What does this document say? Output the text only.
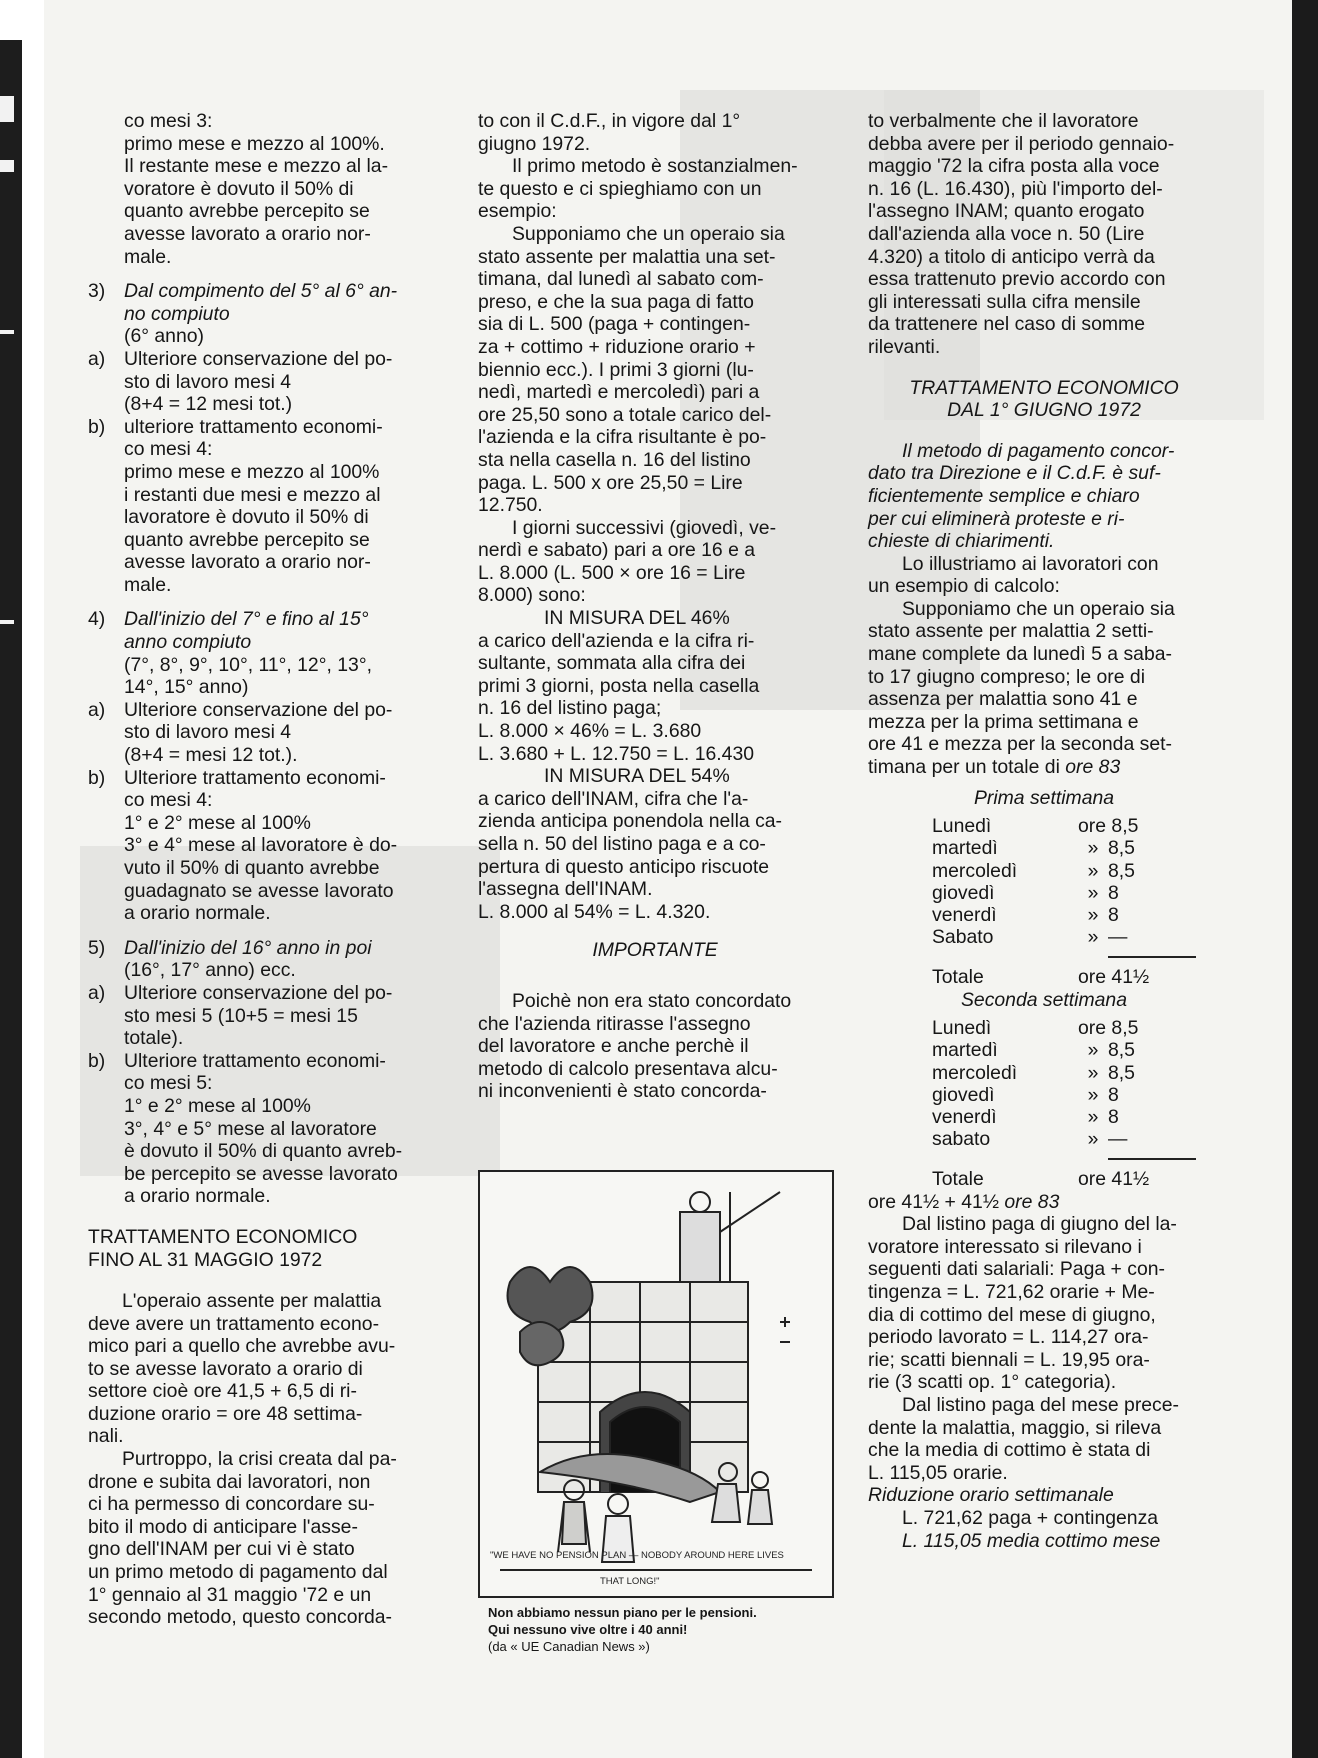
co mesi 3:

primo mese e mezzo al 100%.

Il restante mese e mezzo al la-

voratore è dovuto il 50% di

quanto avrebbe percepito se

avesse lavorato a orario nor-

male.

3) Dal compimento del 5° al 6° an-

no compiuto

(6° anno)

a) Ulteriore conservazione del po-

sto di lavoro mesi 4

(8+4 = 12 mesi tot.)

b) ulteriore trattamento economi-

co mesi 4:

primo mese e mezzo al 100%

i restanti due mesi e mezzo al

lavoratore è dovuto il 50% di

quanto avrebbe percepito se

avesse lavorato a orario nor-

male.

4) Dall'inizio del 7° e fino al 15°

anno compiuto

(7°, 8°, 9°, 10°, 11°, 12°, 13°,

14°, 15° anno)

a) Ulteriore conservazione del po-

sto di lavoro mesi 4

(8+4 = mesi 12 tot.).

b) Ulteriore trattamento economi-

co mesi 4:

1° e 2° mese al 100%

3° e 4° mese al lavoratore è do-

vuto il 50% di quanto avrebbe

guadagnato se avesse lavorato

a orario normale.

5) Dall'inizio del 16° anno in poi

(16°, 17° anno) ecc.

a) Ulteriore conservazione del po-

sto mesi 5 (10+5 = mesi 15

totale).

b) Ulteriore trattamento economi-

co mesi 5:

1° e 2° mese al 100%

3°, 4° e 5° mese al lavoratore

è dovuto il 50% di quanto avreb-

be percepito se avesse lavorato

a orario normale.

TRATTAMENTO ECONOMICO

FINO AL 31 MAGGIO 1972

L'operaio assente per malattia

deve avere un trattamento econo-

mico pari a quello che avrebbe avu-

to se avesse lavorato a orario di

settore cioè ore 41,5 + 6,5 di ri-

duzione orario = ore 48 settima-

nali.

Purtroppo, la crisi creata dal pa-

drone e subita dai lavoratori, non

ci ha permesso di concordare su-

bito il modo di anticipare l'asse-

gno dell'INAM per cui vi è stato

un primo metodo di pagamento dal

1° gennaio al 31 maggio '72 e un

secondo metodo, questo concorda-

to con il C.d.F., in vigore dal 1°

giugno 1972.

Il primo metodo è sostanzialmen-

te questo e ci spieghiamo con un

esempio:

Supponiamo che un operaio sia

stato assente per malattia una set-

timana, dal lunedì al sabato com-

preso, e che la sua paga di fatto

sia di L. 500 (paga + contingen-

za + cottimo + riduzione orario +

biennio ecc.). I primi 3 giorni (lu-

nedì, martedì e mercoledì) pari a

ore 25,50 sono a totale carico del-

l'azienda e la cifra risultante è po-

sta nella casella n. 16 del listino

paga. L. 500 x ore 25,50 = Lire

12.750.

I giorni successivi (giovedì, ve-

nerdì e sabato) pari a ore 16 e a

L. 8.000 (L. 500 × ore 16 = Lire

8.000) sono:

IN MISURA DEL 46%

a carico dell'azienda e la cifra ri-

sultante, sommata alla cifra dei

primi 3 giorni, posta nella casella

n. 16 del listino paga;

L. 8.000 × 46% = L. 3.680

L. 3.680 + L. 12.750 = L. 16.430

IN MISURA DEL 54%

a carico dell'INAM, cifra che l'a-

zienda anticipa ponendola nella ca-

sella n. 50 del listino paga e a co-

pertura di questo anticipo riscuote

l'assegna dell'INAM.

L. 8.000 al 54% = L. 4.320.

IMPORTANTE

Poichè non era stato concordato

che l'azienda ritirasse l'assegno

del lavoratore e anche perchè il

metodo di calcolo presentava alcu-

ni inconvenienti è stato concorda-

"WE HAVE NO PENSION PLAN — NOBODY AROUND HERE LIVES
THAT LONG!"

Non abbiamo nessun piano per le pensioni.

Qui nessuno vive oltre i 40 anni!

(da « UE Canadian News »)

to verbalmente che il lavoratore

debba avere per il periodo gennaio-

maggio '72 la cifra posta alla voce

n. 16 (L. 16.430), più l'importo del-

l'assegno INAM; quanto erogato

dall'azienda alla voce n. 50 (Lire

4.320) a titolo di anticipo verrà da

essa trattenuto previo accordo con

gli interessati sulla cifra mensile

da trattenere nel caso di somme

rilevanti.

TRATTAMENTO ECONOMICO

DAL 1° GIUGNO 1972

Il metodo di pagamento concor-

dato tra Direzione e il C.d.F. è suf-

ficientemente semplice e chiaro

per cui eliminerà proteste e ri-

chieste di chiarimenti.

Lo illustriamo ai lavoratori con

un esempio di calcolo:

Supponiamo che un operaio sia

stato assente per malattia 2 setti-

mane complete da lunedì 5 a saba-

to 17 giugno compreso; le ore di

assenza per malattia sono 41 e

mezza per la prima settimana e

ore 41 e mezza per la seconda set-

timana per un totale di ore 83

Prima settimana

Lunedì		ore 8,5
martedì	»	8,5
mercoledì	»	8,5
giovedì	»	8
venerdì	»	8
Sabato	»	—
Totale		ore 41½

Seconda settimana

Lunedì		ore 8,5
martedì	»	8,5
mercoledì	»	8,5
giovedì	»	8
venerdì	»	8
sabato	»	—
Totale		ore 41½

ore 41½ + 41½ ore 83

Dal listino paga di giugno del la-

voratore interessato si rilevano i

seguenti dati salariali: Paga + con-

tingenza = L. 721,62 orarie + Me-

dia di cottimo del mese di giugno,

periodo lavorato = L. 114,27 ora-

rie; scatti biennali = L. 19,95 ora-

rie (3 scatti op. 1° categoria).

Dal listino paga del mese prece-

dente la malattia, maggio, si rileva

che la media di cottimo è stata di

L. 115,05 orarie.

Riduzione orario settimanale

L. 721,62 paga + contingenza

L. 115,05 media cottimo mese
